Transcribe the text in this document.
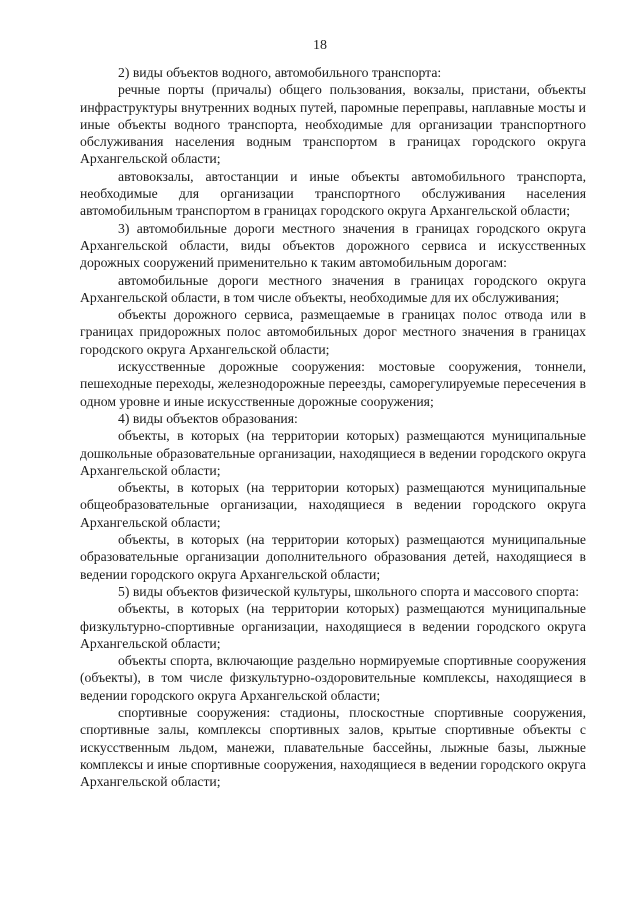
18

2) виды объектов водного, автомобильного транспорта:

речные порты (причалы) общего пользования, вокзалы, пристани, объекты инфраструктуры внутренних водных путей, паромные переправы, наплавные мосты и иные объекты водного транспорта, необходимые для организации транспортного обслуживания населения водным транспортом в границах городского округа Архангельской области;

автовокзалы, автостанции и иные объекты автомобильного транспорта, необходимые для организации транспортного обслуживания населения автомобильным транспортом в границах городского округа Архангельской области;

3) автомобильные дороги местного значения в границах городского округа Архангельской области, виды объектов дорожного сервиса и искусственных дорожных сооружений применительно к таким автомобильным дорогам:

автомобильные дороги местного значения в границах городского округа Архангельской области, в том числе объекты, необходимые для их обслуживания;

объекты дорожного сервиса, размещаемые в границах полос отвода или в границах придорожных полос автомобильных дорог местного значения в границах городского округа Архангельской области;

искусственные дорожные сооружения: мостовые сооружения, тоннели, пешеходные переходы, железнодорожные переезды, саморегулируемые пересечения в одном уровне и иные искусственные дорожные сооружения;

4) виды объектов образования:

объекты, в которых (на территории которых) размещаются муниципальные дошкольные образовательные организации, находящиеся в ведении городского округа Архангельской области;

объекты, в которых (на территории которых) размещаются муниципальные общеобразовательные организации, находящиеся в ведении городского округа Архангельской области;

объекты, в которых (на территории которых) размещаются муниципальные образовательные организации дополнительного образования детей, находящиеся в ведении городского округа Архангельской области;

5) виды объектов физической культуры, школьного спорта и массового спорта:

объекты, в которых (на территории которых) размещаются муниципальные физкультурно-спортивные организации, находящиеся в ведении городского округа Архангельской области;

объекты спорта, включающие раздельно нормируемые спортивные сооружения (объекты), в том числе физкультурно-оздоровительные комплексы, находящиеся в ведении городского округа Архангельской области;

спортивные сооружения: стадионы, плоскостные спортивные сооружения, спортивные залы, комплексы спортивных залов, крытые спортивные объекты с искусственным льдом, манежи, плавательные бассейны, лыжные базы, лыжные комплексы и иные спортивные сооружения, находящиеся в ведении городского округа Архангельской области;
